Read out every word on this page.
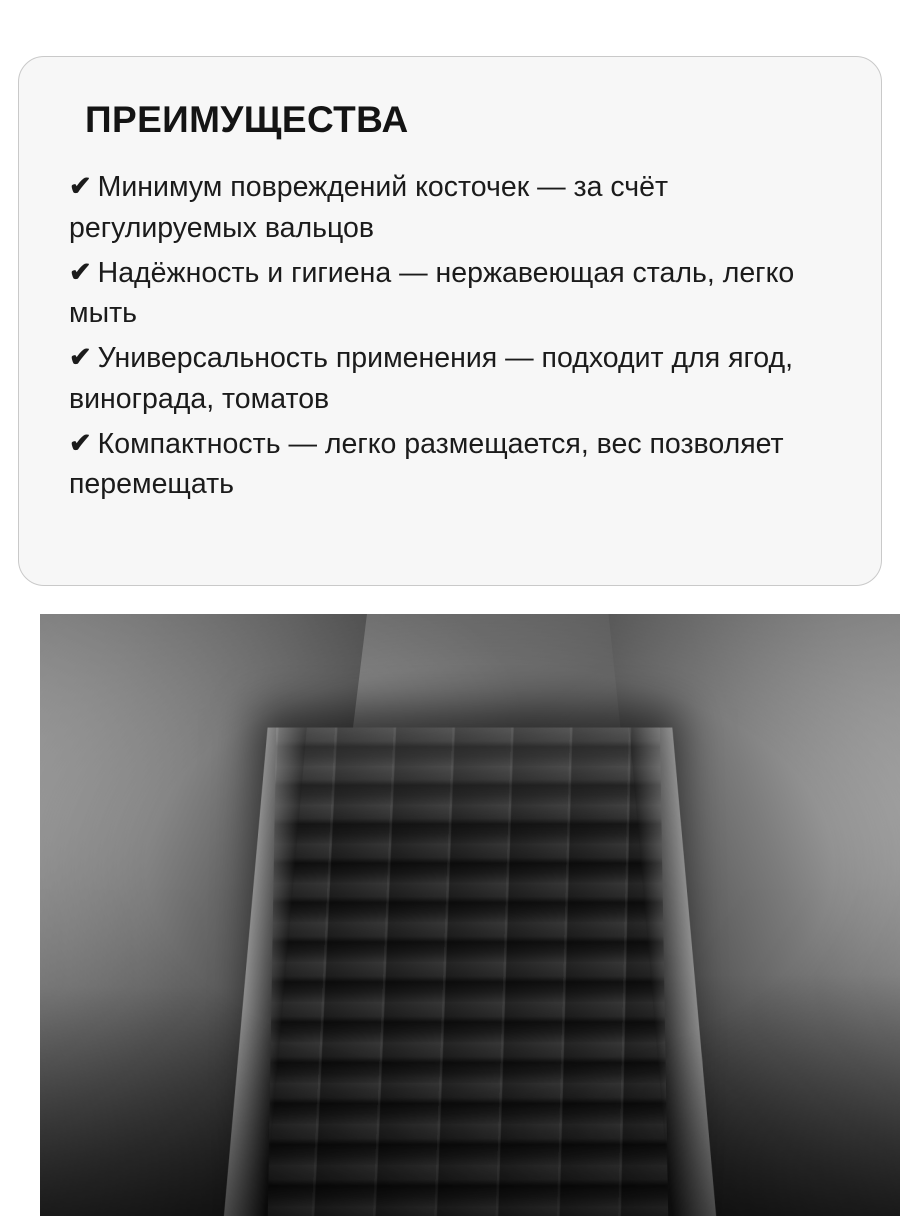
ПРЕИМУЩЕСТВА
✔ Минимум повреждений косточек — за счёт регулируемых вальцов
✔ Надёжность и гигиена — нержавеющая сталь, легко мыть
✔ Универсальность применения — подходит для ягод, винограда, томатов
✔ Компактность — легко размещается, вес позволяет перемещать
